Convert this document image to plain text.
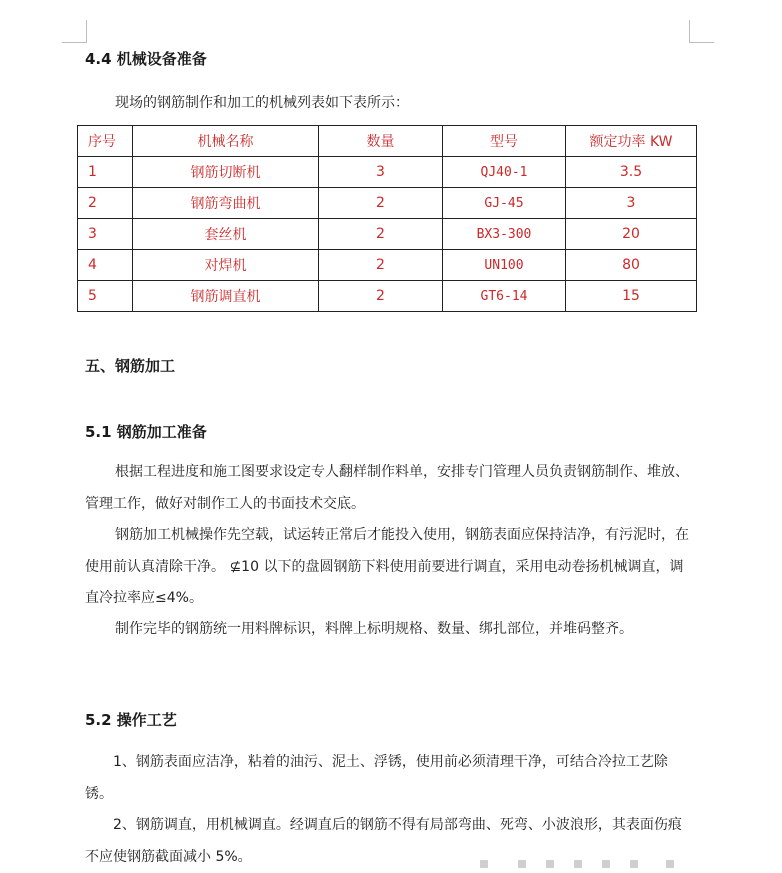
4.4 机械设备准备

现场的钢筋制作和加工的机械列表如下表所示：

序号	机械名称	数量	型号	额定功率 KW
1	钢筋切断机	3	QJ40-1	3.5
2	钢筋弯曲机	2	GJ-45	3
3	套丝机	2	BX3-300	20
4	对焊机	2	UN100	80
5	钢筋调直机	2	GT6-14	15
五、钢筋加工
5.1 钢筋加工准备

根据工程进度和施工图要求设定专人翻样制作料单，安排专门管理人员负责钢筋制作、堆放、管理工作，做好对制作工人的书面技术交底。

钢筋加工机械操作先空载，试运转正常后才能投入使用，钢筋表面应保持洁净，有污泥时，在使用前认真清除干净。 ⊈10 以下的盘圆钢筋下料使用前要进行调直，采用电动卷扬机械调直，调直冷拉率应≤4%。

制作完毕的钢筋统一用料牌标识，料牌上标明规格、数量、绑扎部位，并堆码整齐。

5.2 操作工艺

1、钢筋表面应洁净，粘着的油污、泥土、浮锈，使用前必须清理干净，可结合冷拉工艺除锈。

2、钢筋调直，用机械调直。经调直后的钢筋不得有局部弯曲、死弯、小波浪形，其表面伤痕不应使钢筋截面减小 5%。
